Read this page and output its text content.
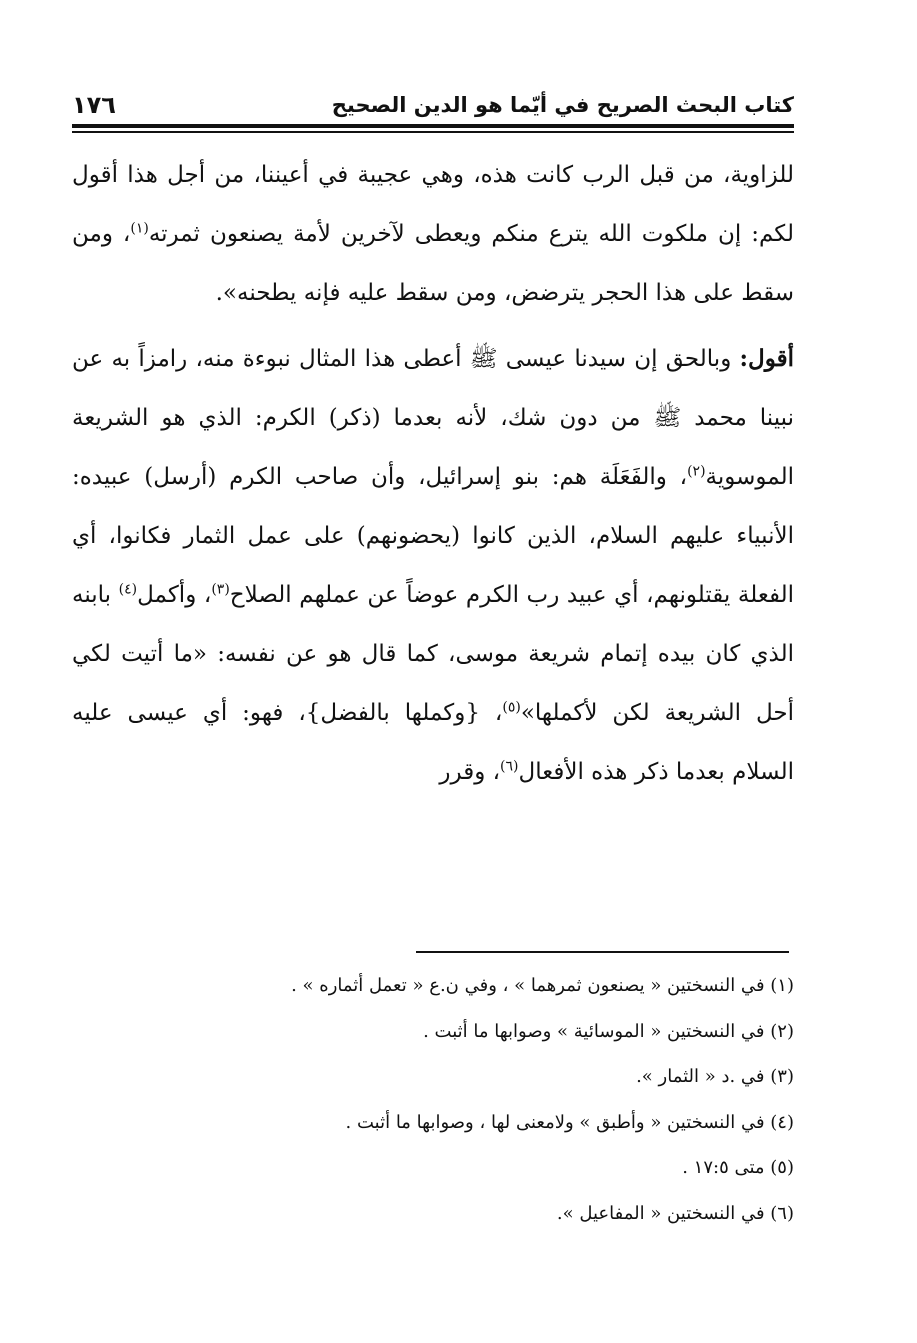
كتاب البحث الصريح في أيّما هو الدين الصحيح
١٧٦

للزاوية، من قبل الرب كانت هذه، وهي عجيبة في أعيننا، من أجل هذا أقول لكم: إن ملكوت الله يترع منكم ويعطى لآخرين لأمة يصنعون ثمرته$^{(١)}$، ومن سقط على هذا الحجر يترضض، ومن سقط عليه فإنه يطحنه».

أقول: وبالحق إن سيدنا عيسى ﷺ أعطى هذا المثال نبوءة منه، رامزاً به عن نبينا محمد ﷺ من دون شك، لأنه بعدما (ذكر) الكرم: الذي هو الشريعة الموسوية$^{(٢)}$، والفَعَلَة هم: بنو إسرائيل، وأن صاحب الكرم (أرسل) عبيده: الأنبياء عليهم السلام، الذين كانوا (يحضونهم) على عمل الثمار فكانوا، أي الفعلة يقتلونهم، أي عبيد رب الكرم عوضاً عن عملهم الصلاح$^{(٣)}$، وأكمل$^{(٤)}$ بابنه الذي كان بيده إتمام شريعة موسى، كما قال هو عن نفسه: «ما أتيت لكي أحل الشريعة لكن لأكملها»$^{(٥)}$، {وكملها بالفضل}، فهو: أي عيسى عليه السلام بعدما ذكر هذه الأفعال$^{(٦)}$، وقرر

(١) في النسختين « يصنعون ثمرهما » ، وفي ن.ع « تعمل أثماره » .
(٢) في النسختين « الموسائية » وصوابها ما أثبت .
(٣) في .د « الثمار ».
(٤) في النسختين « وأطبق » ولامعنى لها ، وصوابها ما أثبت .
(٥) متى ١٧:٥ .
(٦) في النسختين « المفاعيل ».
